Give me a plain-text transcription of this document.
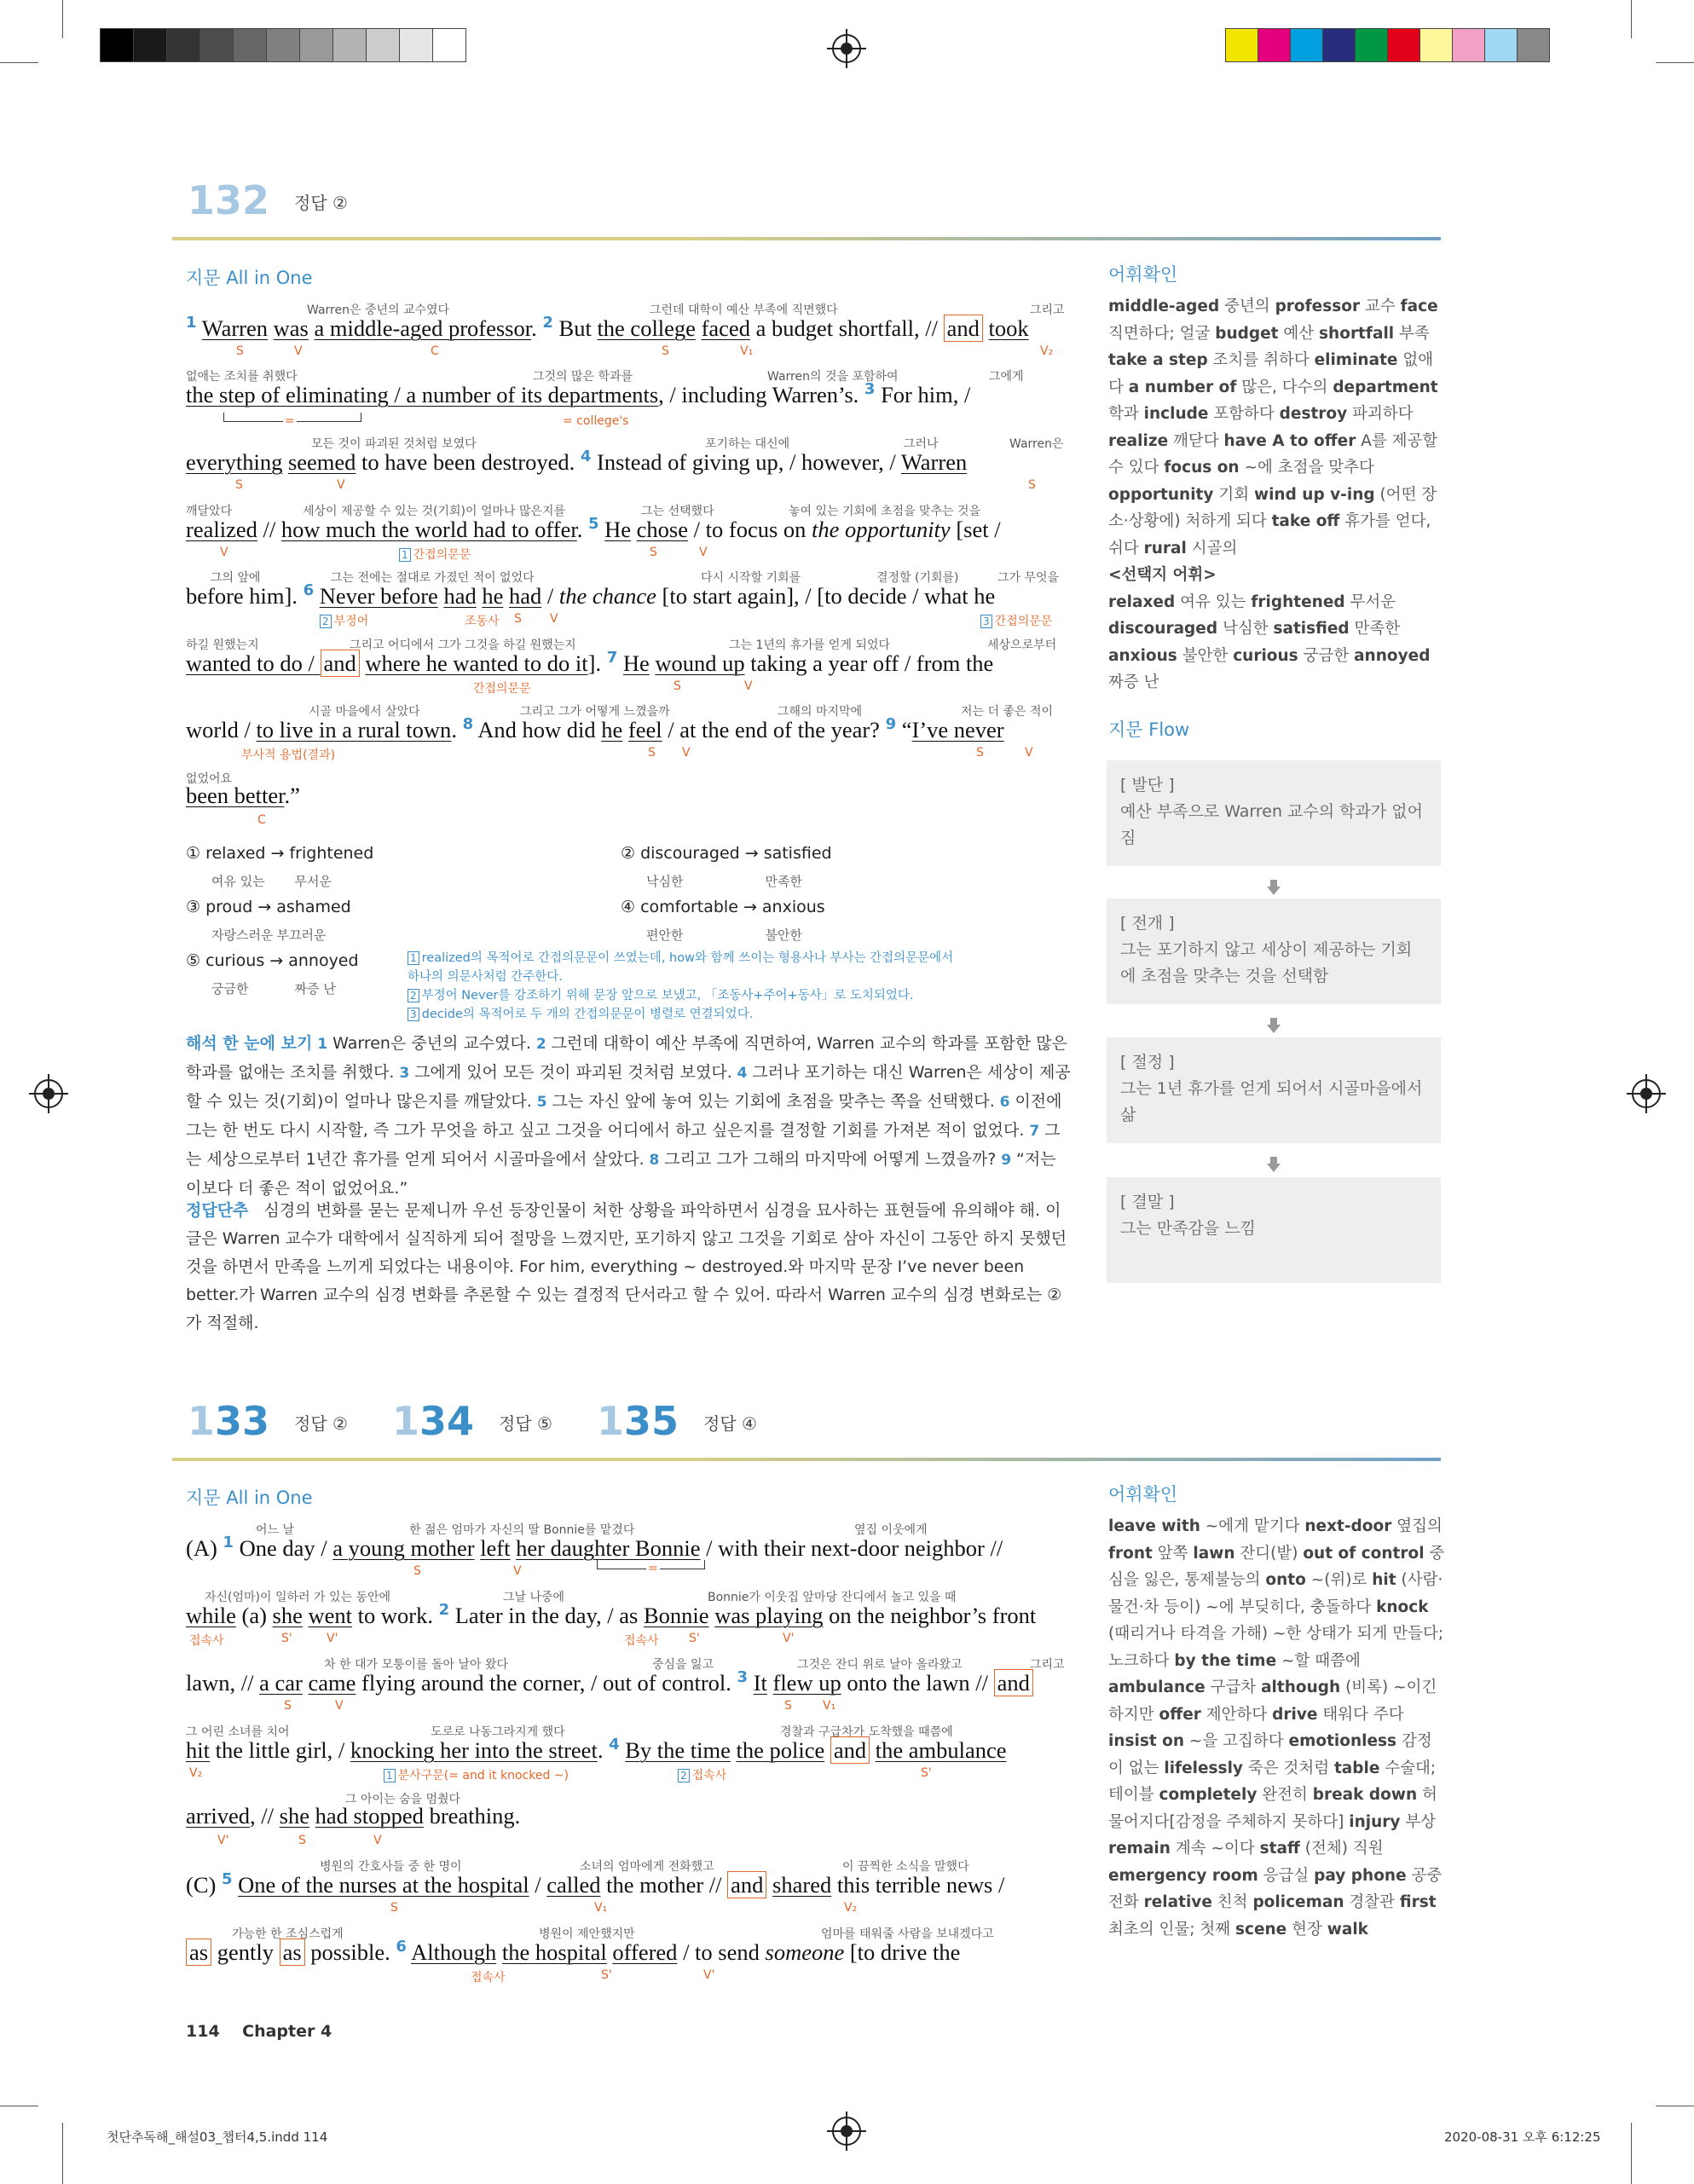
132 정답 ②
지문 All in One	어휘확인
Warren은 중년의 교수였다	그런데 대학이 예산 부족에 직면했다	그리고
$^1$ Warren was a middle-aged professor. $^2$ But the college faced a budget shortfall, // and took
S	V	C	S	V₁	V₂
없애는 조치를 취했다	그것의 많은 학과를	Warren의 것을 포함하여	그에게
the step of eliminating / a number of its departments, / including Warren’s. $^3$ For him, /
=	= college's
모든 것이 파괴된 것처럼 보였다	포기하는 대신에	그러나	Warren은
everything seemed to have been destroyed. $^4$ Instead of giving up, / however, / Warren
S	V	S
깨달았다	세상이 제공할 수 있는 것(기회)이 얼마나 많은지를	그는 선택했다	놓여 있는 기회에 초점을 맞추는 것을
realized // how much the world had to offer. $^5$ He chose / to focus on the opportunity [set /
V	1 간접의문문	S	V
그의 앞에	그는 전에는 절대로 가졌던 적이 없었다	다시 시작할 기회를	결정할 (기회를)	그가 무엇을
before him]. $^6$ Never before had he had / the chance [to start again], / [to decide / what he
2 부정어	조동사 S V	3 간접의문문
하길 원했는지	그리고 어디에서 그가 그것을 하길 원했는지	그는 1년의 휴가를 얻게 되었다	세상으로부터
wanted to do / and where he wanted to do it]. $^7$ He wound up taking a year off / from the
간접의문문	S	V
시골 마을에서 살았다	그리고 그가 어떻게 느꼈을까	그해의 마지막에	저는 더 좋은 적이
world / to live in a rural town. $^8$ And how did he feel / at the end of the year? $^9$ “I’ve never
부사적 용법(결과)	S V	S	V
없었어요
been better.”
C
① relaxed → frightened
여유 있는 무서운
② discouraged → satisfied
낙심한	만족한
③ proud → ashamed
자랑스러운 부끄러운
④ comfortable → anxious
편안한	불안한
⑤ curious → annoyed
궁금한	짜증 난
1 realized의 목적어로 간접의문문이 쓰였는데, how와 함께 쓰이는 형용사나 부사는 간접의문문에서
하나의 의문사처럼 간주한다.
2 부정어 Never를 강조하기 위해 문장 앞으로 보냈고, 「조동사+주어+동사」로 도치되었다.
3 decide의 목적어로 두 개의 간접의문문이 병렬로 연결되었다.
해석 한 눈에 보기 1 Warren은 중년의 교수였다. 2 그런데 대학이 예산 부족에 직면하여, Warren 교수의 학과를 포함한 많은 학과를 없애는 조치를 취했다. 3 그에게 있어 모든 것이 파괴된 것처럼 보였다. 4 그러나 포기하는 대신 Warren은 세상이 제공할 수 있는 것(기회)이 얼마나 많은지를 깨달았다. 5 그는 자신 앞에 놓여 있는 기회에 초점을 맞추는 쪽을 선택했다. 6 이전에 그는 한 번도 다시 시작할, 즉 그가 무엇을 하고 싶고 그것을 어디에서 하고 싶은지를 결정할 기회를 가져본 적이 없었다. 7 그는 세상으로부터 1년간 휴가를 얻게 되어서 시골마을에서 살았다. 8 그리고 그가 그해의 마지막에 어떻게 느꼈을까? 9 “저는 이보다 더 좋은 적이 없었어요.”
정답단추 심경의 변화를 묻는 문제니까 우선 등장인물이 처한 상황을 파악하면서 심경을 묘사하는 표현들에 유의해야 해. 이 글은 Warren 교수가 대학에서 실직하게 되어 절망을 느꼈지만, 포기하지 않고 그것을 기회로 삼아 자신이 그동안 하지 못했던 것을 하면서 만족을 느끼게 되었다는 내용이야. For him, everything ~ destroyed.와 마지막 문장 I’ve never been better.가 Warren 교수의 심경 변화를 추론할 수 있는 결정적 단서라고 할 수 있어. 따라서 Warren 교수의 심경 변화로는 ②가 적절해.
middle-aged 중년의 professor 교수 face 직면하다; 얼굴 budget 예산 shortfall 부족 take a step 조치를 취하다 eliminate 없애다 a number of 많은, 다수의 department 학과 include 포함하다 destroy 파괴하다 realize 깨닫다 have A to offer A를 제공할 수 있다 focus on ~에 초점을 맞추다 opportunity 기회 wind up v-ing (어떤 장소·상황에) 처하게 되다 take off 휴가를 얻다, 쉬다 rural 시골의
<선택지 어휘>
relaxed 여유 있는 frightened 무서운 discouraged 낙심한 satisfied 만족한 anxious 불안한 curious 궁금한 annoyed 짜증 난
지문 Flow
[ 발단 ]
예산 부족으로 Warren 교수의 학과가 없어짐
[ 전개 ]
그는 포기하지 않고 세상이 제공하는 기회에 초점을 맞추는 것을 선택함
[ 절정 ]
그는 1년 휴가를 얻게 되어서 시골마을에서 삶
[ 결말 ]
그는 만족감을 느낌
133 정답 ② 134 정답 ⑤ 135 정답 ④
지문 All in One	어휘확인
어느 날	한 젊은 엄마가 자신의 딸 Bonnie를 맡겼다	옆집 이웃에게
(A) $^1$ One day / a young mother left her daughter Bonnie / with their next-door neighbor //
S	V	=
자신(엄마)이 일하러 가 있는 동안에	그날 나중에	Bonnie가 이웃집 앞마당 잔디에서 놀고 있을 때
while (a) she went to work. $^2$ Later in the day, / as Bonnie was playing on the neighbor’s front
접속사	S'	V'	접속사	S'	V'
차 한 대가 모퉁이를 돌아 날아 왔다	중심을 잃고	그것은 잔디 위로 날아 올라왔고	그리고
lawn, // a car came flying around the corner, / out of control. $^3$ It flew up onto the lawn // and
S	V	S	V₁
그 어린 소녀를 치어	도로로 나동그라지게 했다	경찰과 구급차가 도착했을 때쯤에
hit the little girl, / knocking her into the street. $^4$ By the time the police and the ambulance
V₂	1 분사구문(= and it knocked ~)	2 접속사	S'
그 아이는 숨을 멈췄다
arrived, // she had stopped breathing.
V'	S	V
병원의 간호사들 중 한 명이	소녀의 엄마에게 전화했고	이 끔찍한 소식을 말했다
(C) $^5$ One of the nurses at the hospital / called the mother // and shared this terrible news /
S	V₁	V₂
가능한 한 조심스럽게	병원이 제안했지만	엄마를 태워줄 사람을 보내겠다고
as gently as possible. $^6$ Although the hospital offered / to send someone [to drive the
접속사	S'	V'
leave with ~에게 맡기다 next-door 옆집의 front 앞쪽 lawn 잔디(밭) out of control 중심을 잃은, 통제불능의 onto ~(위)로 hit (사람·물건·차 등이) ~에 부딪히다, 충돌하다 knock (때리거나 타격을 가해) ~한 상태가 되게 만들다; 노크하다 by the time ~할 때쯤에 ambulance 구급차 although (비록) ~이긴 하지만 offer 제안하다 drive 태워다 주다 insist on ~을 고집하다 emotionless 감정이 없는 lifelessly 죽은 것처럼 table 수술대; 테이블 completely 완전히 break down 허물어지다[감정을 주체하지 못하다] injury 부상 remain 계속 ~이다 staff (전체) 직원 emergency room 응급실 pay phone 공중전화 relative 친척 policeman 경찰관 first 최초의 인물; 첫째 scene 현장 walk
114 Chapter 4
첫단추독해_해설03_챕터4,5.indd 114	2020-08-31 오후 6:12:25
